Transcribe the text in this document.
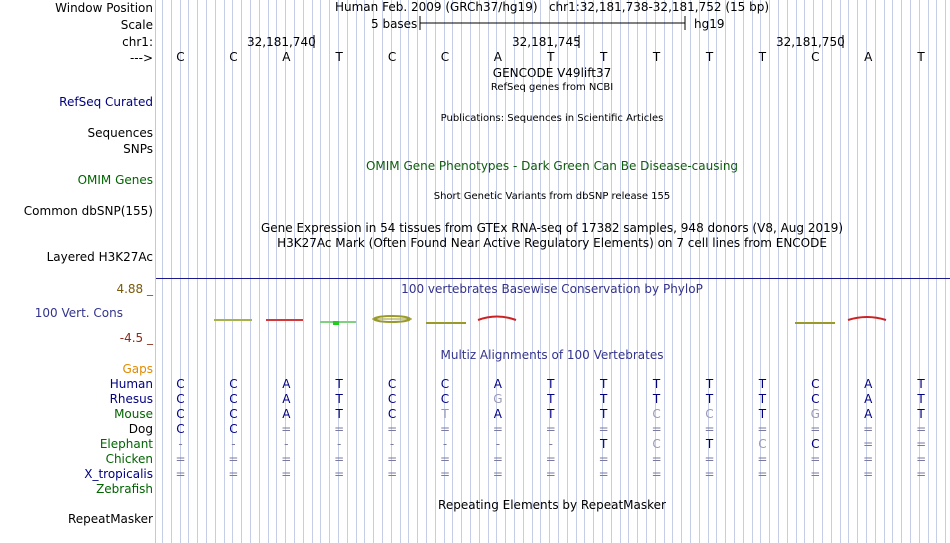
Window Position
Scale
chr1:
--->
Human Feb. 2009 (GRCh37/hg19)   chr1:32,181,738-32,181,752 (15 bp)
5 bases	hg19
32,181,740	32,181,745	32,181,750
C	C	A	T	C	C	A	T	T	T	T	T	C	A	T
GENCODE V49lift37
RefSeq genes from NCBI
RefSeq Curated
Publications: Sequences in Scientific Articles
Sequences
SNPs
OMIM Gene Phenotypes - Dark Green Can Be Disease-causing
OMIM Genes
Short Genetic Variants from dbSNP release 155
Common dbSNP(155)
Gene Expression in 54 tissues from GTEx RNA-seq of 17382 samples, 948 donors (V8, Aug 2019)
H3K27Ac Mark (Often Found Near Active Regulatory Elements) on 7 cell lines from ENCODE
Layered H3K27Ac
100 vertebrates Basewise Conservation by PhyloP
4.88 _
100 Vert. Cons
-4.5 _
Multiz Alignments of 100 Vertebrates
Gaps
Human	C	C	A	T	C	C	A	T	T	T	T	T	C	A	T
Rhesus	C	C	A	T	C	C	G	T	T	T	T	T	C	A	T
Mouse	C	C	A	T	C	T	A	T	T	C	C	T	G	A	T
Dog	C	C	=	=	=	=	=	=	=	=	=	=	=	=	=
Elephant	-	-	-	-	-	-	-	-	T	C	T	C	C	=	=
Chicken	=	=	=	=	=	=	=	=	=	=	=	=	=	=	=
X_tropicalis	=	=	=	=	=	=	=	=	=	=	=	=	=	=	=
Zebrafish
Repeating Elements by RepeatMasker
RepeatMasker
